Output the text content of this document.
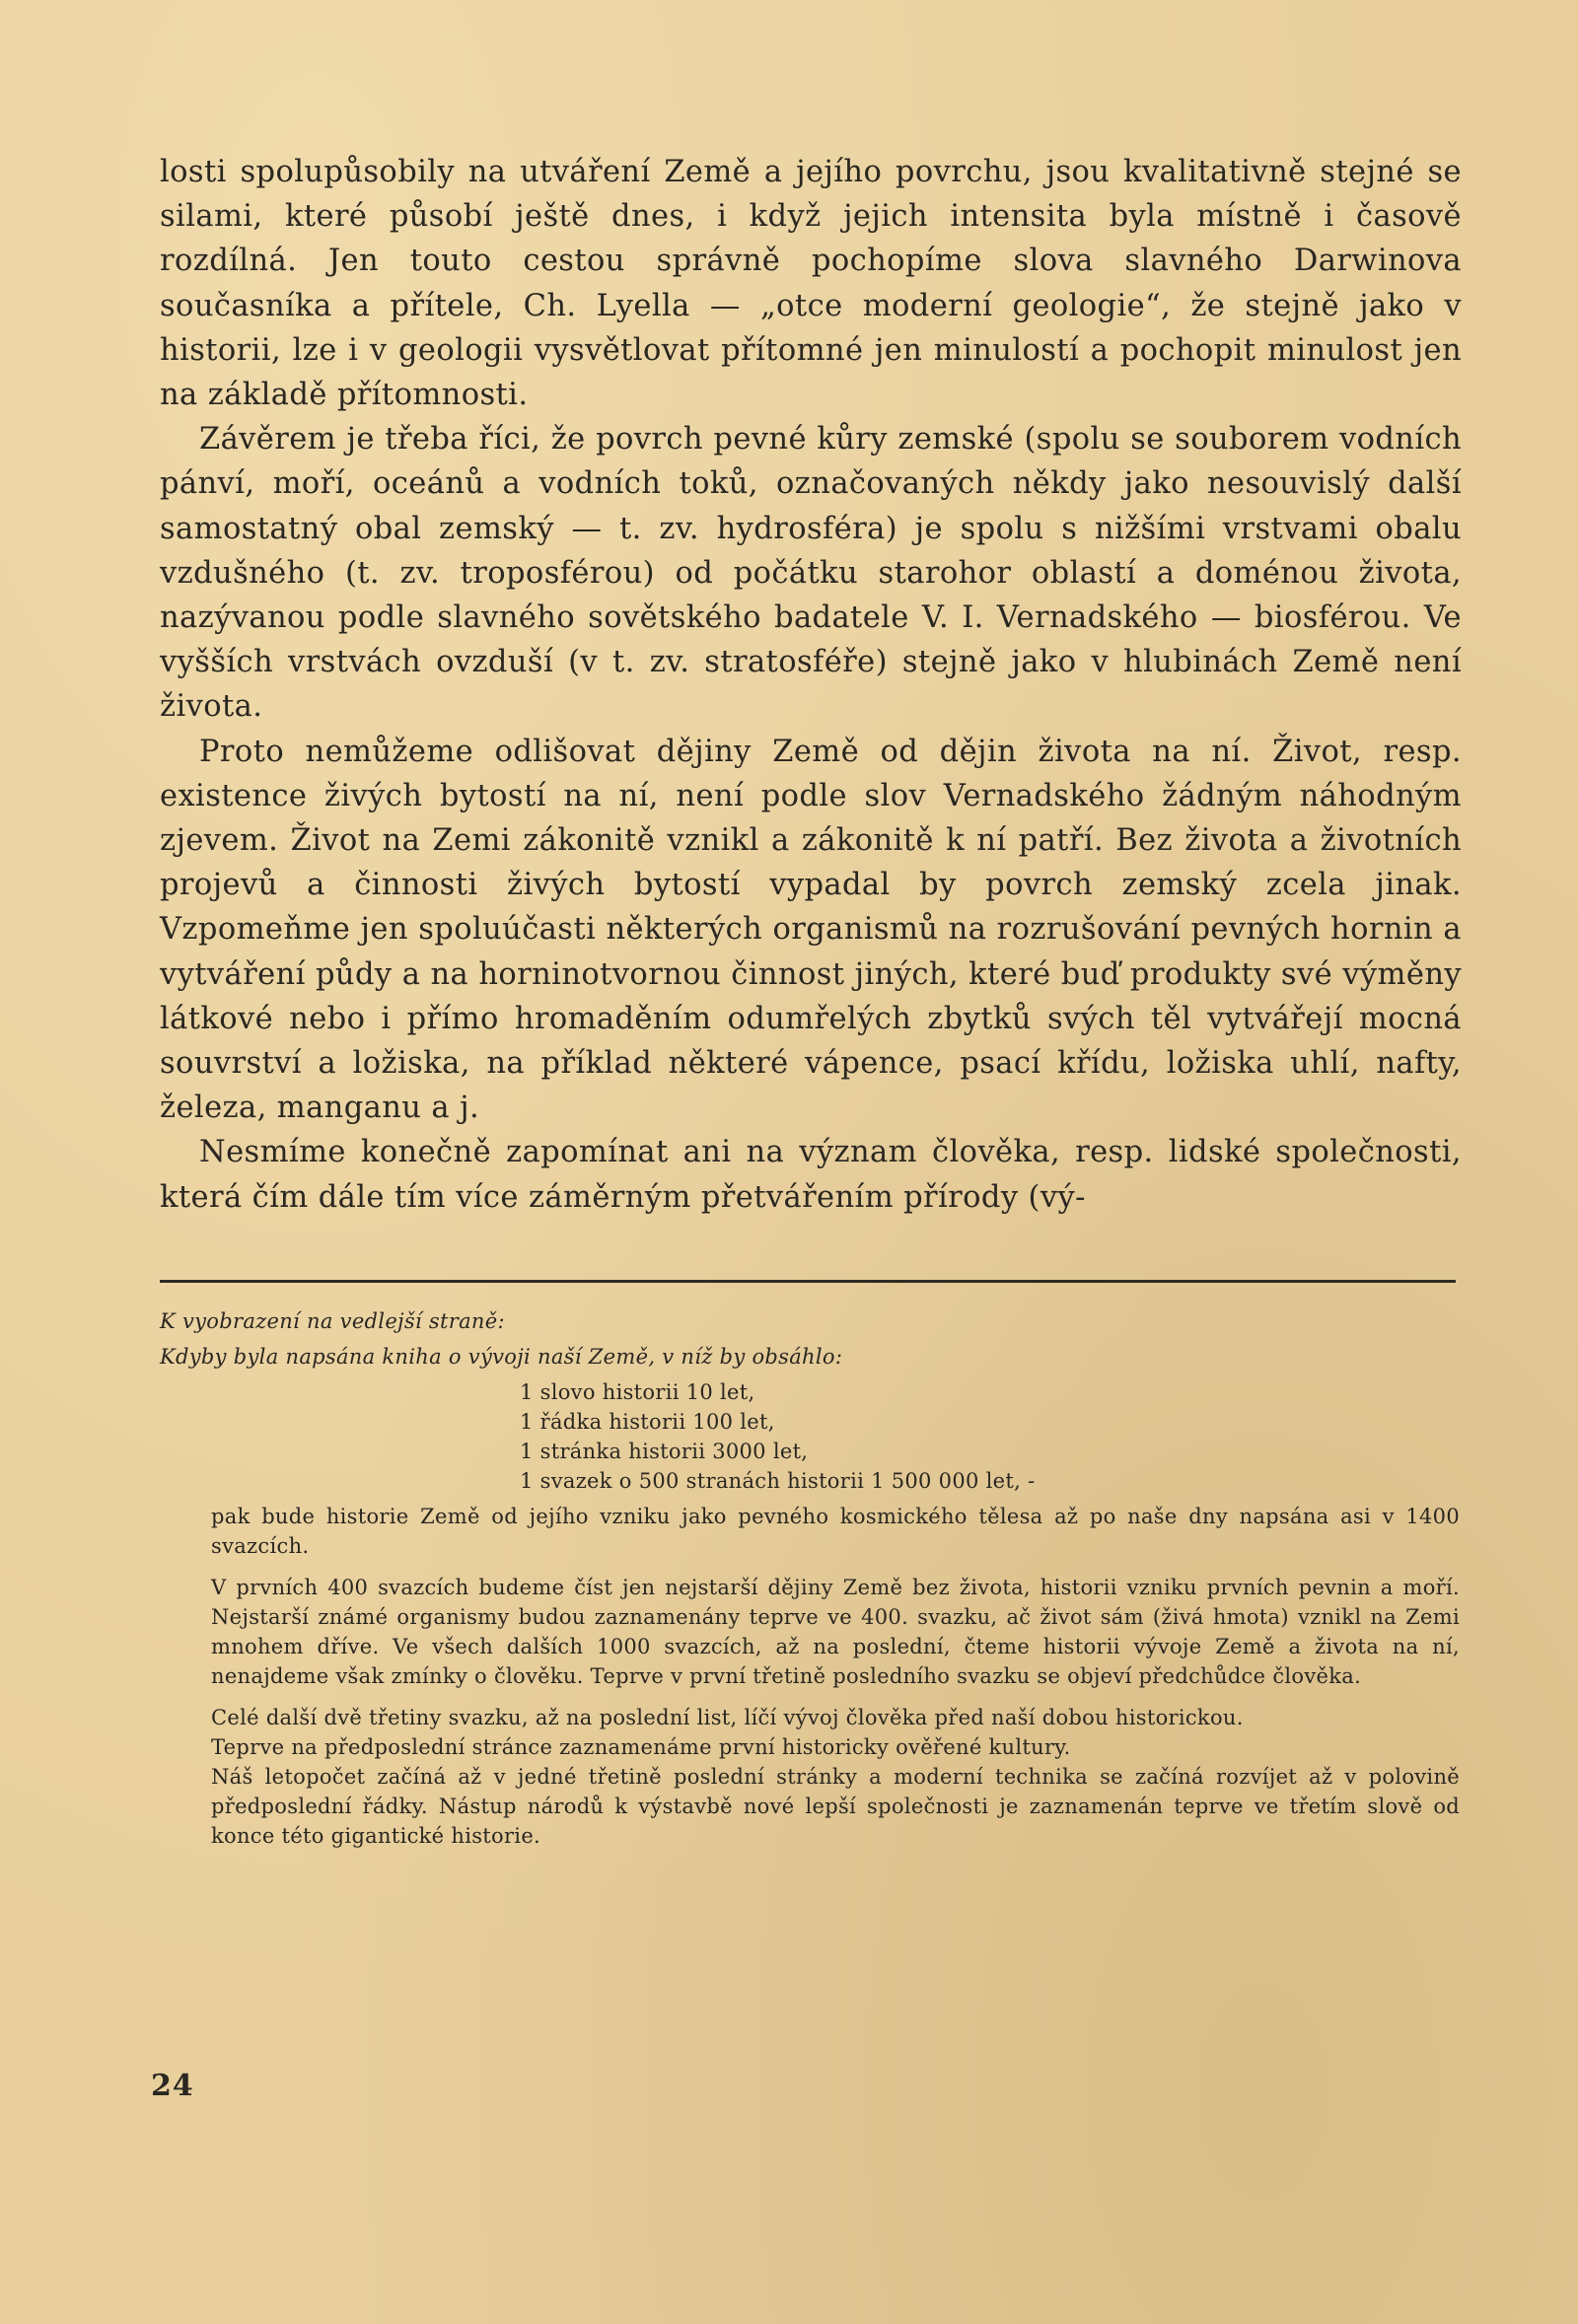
losti spolupůsobily na utváření Země a jejího povrchu, jsou kvalitativně stejné se silami, které působí ještě dnes, i když jejich intensita byla místně i časově rozdílná. Jen touto cestou správně pochopíme slova slavného Darwinova současníka a přítele, Ch. Lyella — „otce moderní geologie“, že stejně jako v historii, lze i v geologii vysvětlovat přítomné jen minulostí a pochopit minulost jen na základě přítomnosti.

Závěrem je třeba říci, že povrch pevné kůry zemské (spolu se souborem vodních pánví, moří, oceánů a vodních toků, označovaných někdy jako nesouvislý další samostatný obal zemský — t. zv. hydrosféra) je spolu s nižšími vrstvami obalu vzdušného (t. zv. troposférou) od počátku starohor oblastí a doménou života, nazývanou podle slavného sovětského badatele V. I. Vernadského — biosférou. Ve vyšších vrstvách ovzduší (v t. zv. stratosféře) stejně jako v hlubinách Země není života.

Proto nemůžeme odlišovat dějiny Země od dějin života na ní. Život, resp. existence živých bytostí na ní, není podle slov Vernadského žádným náhodným zjevem. Život na Zemi zákonitě vznikl a zákonitě k ní patří. Bez života a životních projevů a činnosti živých bytostí vypadal by povrch zemský zcela jinak. Vzpomeňme jen spoluúčasti některých organismů na rozrušování pevných hornin a vytváření půdy a na horninotvornou činnost jiných, které buď produkty své výměny látkové nebo i přímo hromaděním odumřelých zbytků svých těl vytvářejí mocná souvrství a ložiska, na příklad některé vápence, psací křídu, ložiska uhlí, nafty, železa, manganu a j.

Nesmíme konečně zapomínat ani na význam člověka, resp. lidské společnosti, která čím dále tím více záměrným přetvářením přírody (vý-

K vyobrazení na vedlejší straně:

Kdyby byla napsána kniha o vývoji naší Země, v níž by obsáhlo:

1 slovo historii 10 let,
1 řádka historii 100 let,
1 stránka historii 3000 let,
1 svazek o 500 stranách historii 1 500 000 let, -

pak bude historie Země od jejího vzniku jako pevného kosmického tělesa až po naše dny napsána asi v 1400 svazcích.

V prvních 400 svazcích budeme číst jen nejstarší dějiny Země bez života, historii vzniku prvních pevnin a moří. Nejstarší známé organismy budou zaznamenány teprve ve 400. svazku, ač život sám (živá hmota) vznikl na Zemi mnohem dříve. Ve všech dalších 1000 svazcích, až na poslední, čteme historii vývoje Země a života na ní, nenajdeme však zmínky o člověku. Teprve v první třetině posledního svazku se objeví předchůdce člověka.

Celé další dvě třetiny svazku, až na poslední list, líčí vývoj člověka před naší dobou historickou.

Teprve na předposlední stránce zaznamenáme první historicky ověřené kultury.

Náš letopočet začíná až v jedné třetině poslední stránky a moderní technika se začíná rozvíjet až v polovině předposlední řádky. Nástup národů k výstavbě nové lepší společnosti je zaznamenán teprve ve třetím slově od konce této gigantické historie.

24
